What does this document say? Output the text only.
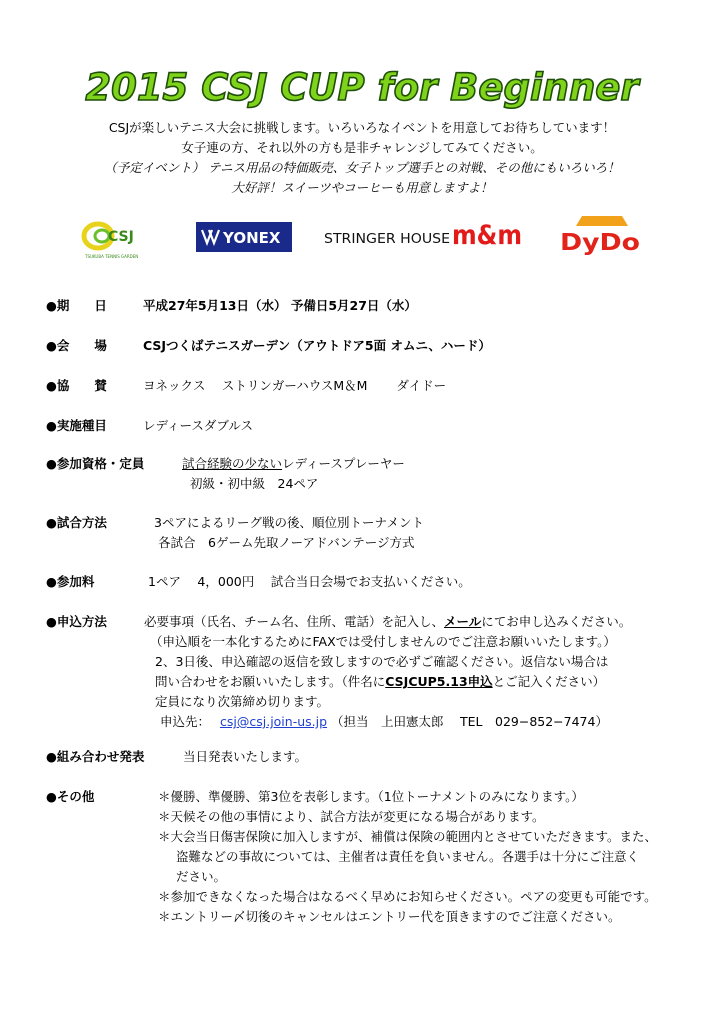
2015 CSJ CUP for Beginner
CSJが楽しいテニス大会に挑戦します。いろいろなイベントを用意してお待ちしています！
女子連の方、それ以外の方も是非チャレンジしてみてください。
（予定イベント） テニス用品の特価販売、女子トップ選手との対戦、その他にもいろいろ！
大好評！スイーツやコーヒーも用意しますよ！
CSJ
TSUKUBA TENNIS GARDEN
YONEX	STRINGER HOUSE m&m DyDo
●期　　日	平成27年5月13日（水） 予備日5月27日（水）
●会　　場	CSJつくばテニスガーデン（アウトドア5面 オムニ、ハード）
●協　　賛	ヨネックス　 ストリンガーハウスM＆M　 　ダイドー
●実施種目	レディースダブルス
●参加資格・定員	試合経験の少ないレディースプレーヤー
初級・初中級　24ペア
●試合方法	3ペアによるリーグ戦の後、順位別トーナメント
各試合　6ゲーム先取ノーアドバンテージ方式
●参加料	1ペア　 4，000円　 試合当日会場でお支払いください。
●申込方法	必要事項（氏名、チーム名、住所、電話）を記入し、メールにてお申し込みください。
（申込順を一本化するためにFAXでは受付しませんのでご注意お願いいたします。）
2、3日後、申込確認の返信を致しますので必ずご確認ください。返信ない場合は
問い合わせをお願いいたします。（件名にCSJCUP5.13申込とご記入ください）
定員になり次第締め切ります。
申込先： csj@csj.join-us.jp （担当　上田憲太郎　 TEL　029−852−7474）
●組み合わせ発表	当日発表いたします。
●その他	＊優勝、準優勝、第3位を表彰します。（1位トーナメントのみになります。）
＊天候その他の事情により、試合方法が変更になる場合があります。
＊大会当日傷害保険に加入しますが、補償は保険の範囲内とさせていただきます。また、
盗難などの事故については、主催者は責任を負いません。各選手は十分にご注意く
ださい。
＊参加できなくなった場合はなるべく早めにお知らせください。ペアの変更も可能です。
＊エントリー〆切後のキャンセルはエントリー代を頂きますのでご注意ください。
